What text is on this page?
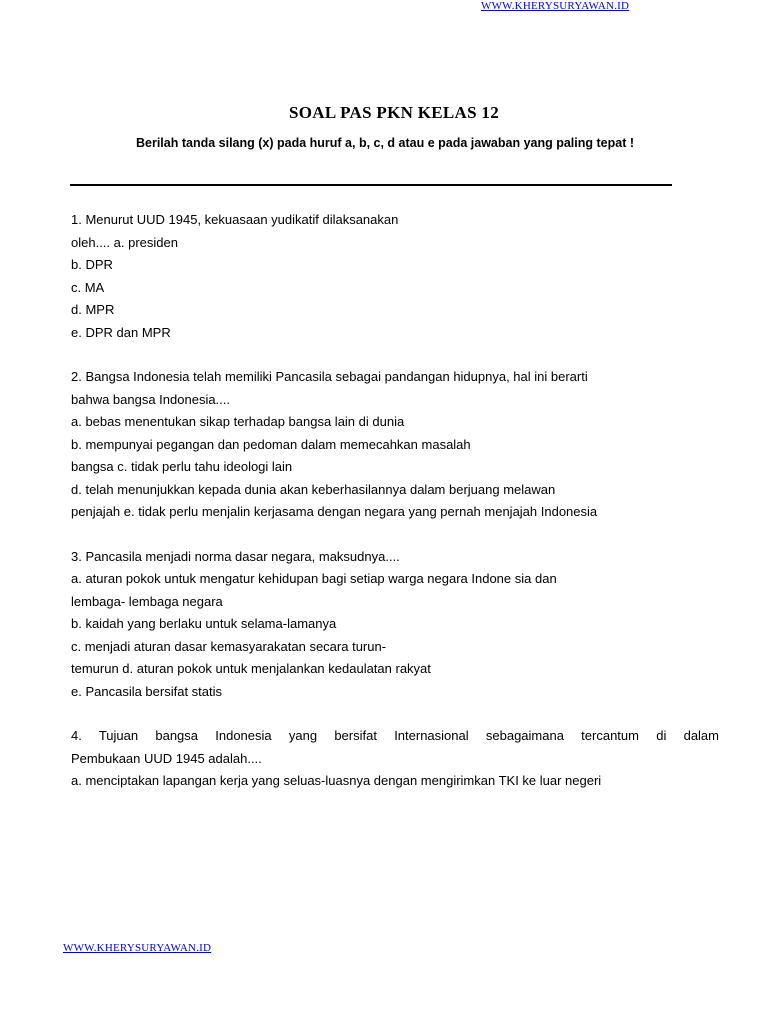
WWW.KHERYSURYAWAN.ID
SOAL PAS PKN KELAS 12
Berilah tanda silang (x) pada huruf a, b, c, d atau e pada jawaban yang paling tepat !
1. Menurut UUD 1945, kekuasaan yudikatif dilaksanakan
oleh.... a. presiden
b. DPR
c. MA
d. MPR
e. DPR dan MPR
2. Bangsa Indonesia telah memiliki Pancasila sebagai pandangan hidupnya, hal ini berarti
bahwa bangsa Indonesia....
a. bebas menentukan sikap terhadap bangsa lain di dunia
b. mempunyai pegangan dan pedoman dalam memecahkan masalah
bangsa c. tidak perlu tahu ideologi lain
d. telah menunjukkan kepada dunia akan keberhasilannya dalam berjuang melawan
penjajah e. tidak perlu menjalin kerjasama dengan negara yang pernah menjajah Indonesia
3. Pancasila menjadi norma dasar negara, maksudnya....
a. aturan pokok untuk mengatur kehidupan bagi setiap warga negara Indone sia dan
lembaga- lembaga negara
b. kaidah yang berlaku untuk selama-lamanya
c. menjadi aturan dasar kemasyarakatan secara turun-
temurun d. aturan pokok untuk menjalankan kedaulatan rakyat
e. Pancasila bersifat statis
4. Tujuan bangsa Indonesia yang bersifat Internasional sebagaimana tercantum di dalam
Pembukaan UUD 1945 adalah....
a. menciptakan lapangan kerja yang seluas-luasnya dengan mengirimkan TKI ke luar negeri
WWW.KHERYSURYAWAN.ID
